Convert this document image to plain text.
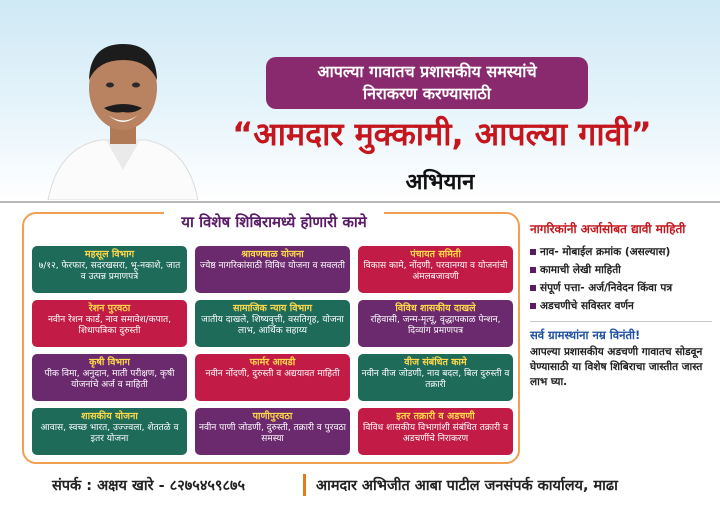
आपल्या गावातच प्रशासकीय समस्यांचे
निराकरण करण्यासाठी
“आमदार मुक्कामी, आपल्या गावी”
अभियान
या विशेष शिबिरामध्ये होणारी कामे
महसूल विभाग
७/१२, फेरफार, सदरखसरा, भू-नकाशे, जात व उत्पन्न प्रमाणपत्रे
श्रावणबाळ योजना
ज्येष्ठ नागरिकांसाठी विविध योजना व सवलती
पंचायत समिती
विकास कामे, नोंदणी, परवानग्या व योजनांची अंमलबजावणी
रेशन पुरवठा
नवीन रेशन कार्ड, नाव समावेश/कपात, शिधापत्रिका दुरुस्ती
सामाजिक न्याय विभाग
जातीय दाखले, शिष्यवृत्ती, वसतिगृह, योजना लाभ, आर्थिक सहाय्य
विविध शासकीय दाखले
रहिवासी, जन्म-मृत्यू, वृद्धापकाळ पेन्शन, दिव्यांग प्रमाणपत्र
कृषी विभाग
पीक विमा, अनुदान, माती परीक्षण, कृषी योजनांचे अर्ज व माहिती
फार्मर आयडी
नवीन नोंदणी, दुरुस्ती व अद्ययावत माहिती
वीज संबंधित कामे
नवीन वीज जोडणी, नाव बदल, बिल दुरुस्ती व तक्रारी
शासकीय योजना
आवास, स्वच्छ भारत, उज्ज्वला, शेततळे व इतर योजना
पाणीपुरवठा
नवीन पाणी जोडणी, दुरुस्ती, तक्रारी व पुरवठा समस्या
इतर तक्रारी व अडचणी
विविध शासकीय विभागांशी संबंधित तक्रारी व अडचणींचे निराकरण
नागरिकांनी अर्जासोबत द्यावी माहिती
नाव- मोबाईल क्रमांक (असल्यास)
कामाची लेखी माहिती
संपूर्ण पत्ता- अर्ज/निवेदन किंवा पत्र
अडचणीचे सविस्तर वर्णन
सर्व ग्रामस्थांना नम्र विनंती!
आपल्या प्रशासकीय अडचणी गावातच सोडवून घेण्यासाठी या विशेष शिबिराचा जास्तीत जास्त लाभ घ्या.
संपर्क : अक्षय खारे - ८२७५४५९८७५	आमदार अभिजीत आबा पाटील जनसंपर्क कार्यालय, माढा
